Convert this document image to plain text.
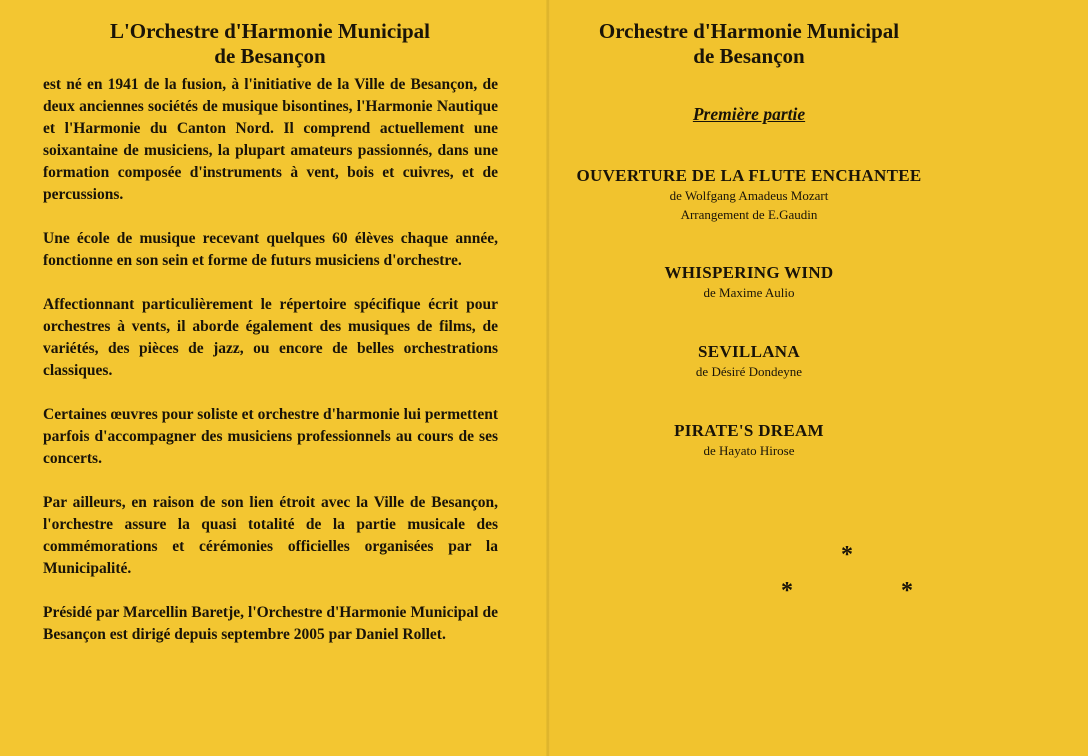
L'Orchestre d'Harmonie Municipal
de Besançon

est né en 1941 de la fusion, à l'initiative de la Ville de Besançon, de deux anciennes sociétés de musique bisontines, l'Harmonie Nautique et l'Harmonie du Canton Nord. Il comprend actuellement une soixantaine de musiciens, la plupart amateurs passionnés, dans une formation composée d'instruments à vent, bois et cuivres, et de percussions.

Une école de musique recevant quelques 60 élèves chaque année, fonctionne en son sein et forme de futurs musiciens d'orchestre.

Affectionnant particulièrement le répertoire spécifique écrit pour orchestres à vents, il aborde également des musiques de films, de variétés, des pièces de jazz, ou encore de belles orchestrations classiques.

Certaines œuvres pour soliste et orchestre d'harmonie lui permettent parfois d'accompagner des musiciens professionnels au cours de ses concerts.

Par ailleurs, en raison de son lien étroit avec la Ville de Besançon, l'orchestre assure la quasi totalité de la partie musicale des commémorations et cérémonies officielles organisées par la Municipalité.

Présidé par Marcellin Baretje, l'Orchestre d'Harmonie Municipal de Besançon est dirigé depuis septembre 2005 par Daniel Rollet.

Orchestre d'Harmonie Municipal
de Besançon
Première partie
OUVERTURE DE LA FLUTE ENCHANTEE
de Wolfgang Amadeus Mozart
Arrangement de E.Gaudin
WHISPERING WIND
de Maxime Aulio
SEVILLANA
de Désiré Dondeyne
PIRATE'S DREAM
de Hayato Hirose
*
*	*
